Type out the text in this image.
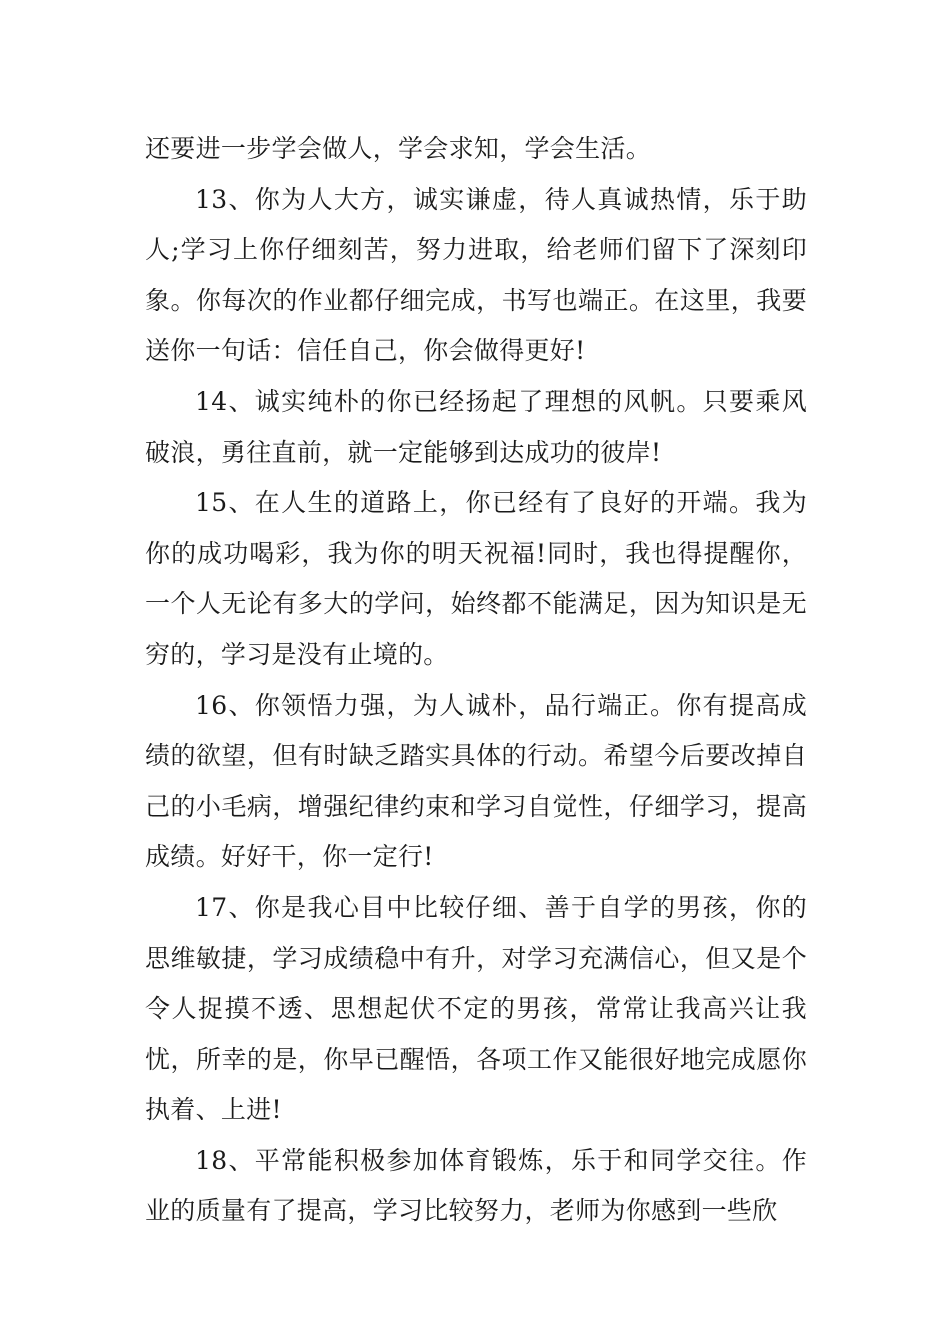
还要进一步学会做人，学会求知，学会生活。

13、你为人大方，诚实谦虚，待人真诚热情，乐于助人;学习上你仔细刻苦，努力进取，给老师们留下了深刻印象。你每次的作业都仔细完成，书写也端正。在这里，我要送你一句话：信任自己，你会做得更好!

14、诚实纯朴的你已经扬起了理想的风帆。只要乘风破浪，勇往直前，就一定能够到达成功的彼岸!

15、在人生的道路上，你已经有了良好的开端。我为你的成功喝彩，我为你的明天祝福!同时，我也得提醒你，一个人无论有多大的学问，始终都不能满足，因为知识是无穷的，学习是没有止境的。

16、你领悟力强，为人诚朴，品行端正。你有提高成绩的欲望，但有时缺乏踏实具体的行动。希望今后要改掉自己的小毛病，增强纪律约束和学习自觉性，仔细学习，提高成绩。好好干，你一定行!

17、你是我心目中比较仔细、善于自学的男孩，你的思维敏捷，学习成绩稳中有升，对学习充满信心，但又是个令人捉摸不透、思想起伏不定的男孩，常常让我高兴让我忧，所幸的是，你早已醒悟，各项工作又能很好地完成愿你执着、上进!

18、平常能积极参加体育锻炼，乐于和同学交往。作业的质量有了提高，学习比较努力，老师为你感到一些欣
